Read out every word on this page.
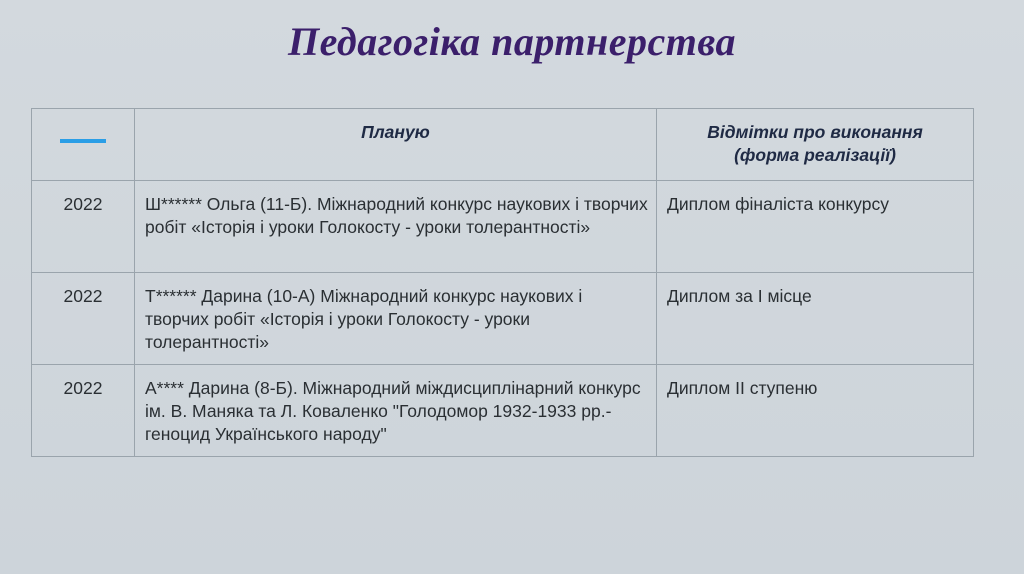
Педагогіка партнерства
	Планую	Відмітки про виконання
(форма реалізації)
2022	Ш****** Ольга (11-Б). Міжнародний конкурс наукових і творчих робіт «Історія і уроки Голокосту - уроки толерантності»	Диплом фіналіста конкурсу
2022	Т****** Дарина (10-А) Міжнародний конкурс наукових і творчих робіт «Історія і уроки Голокосту - уроки толерантності»	Диплом за І місце
2022	А**** Дарина (8-Б). Міжнародний міждисциплінарний конкурс ім. В. Маняка та Л. Коваленко "Голодомор 1932-1933 рр.- геноцид Українського народу"	Диплом ІІ ступеню
